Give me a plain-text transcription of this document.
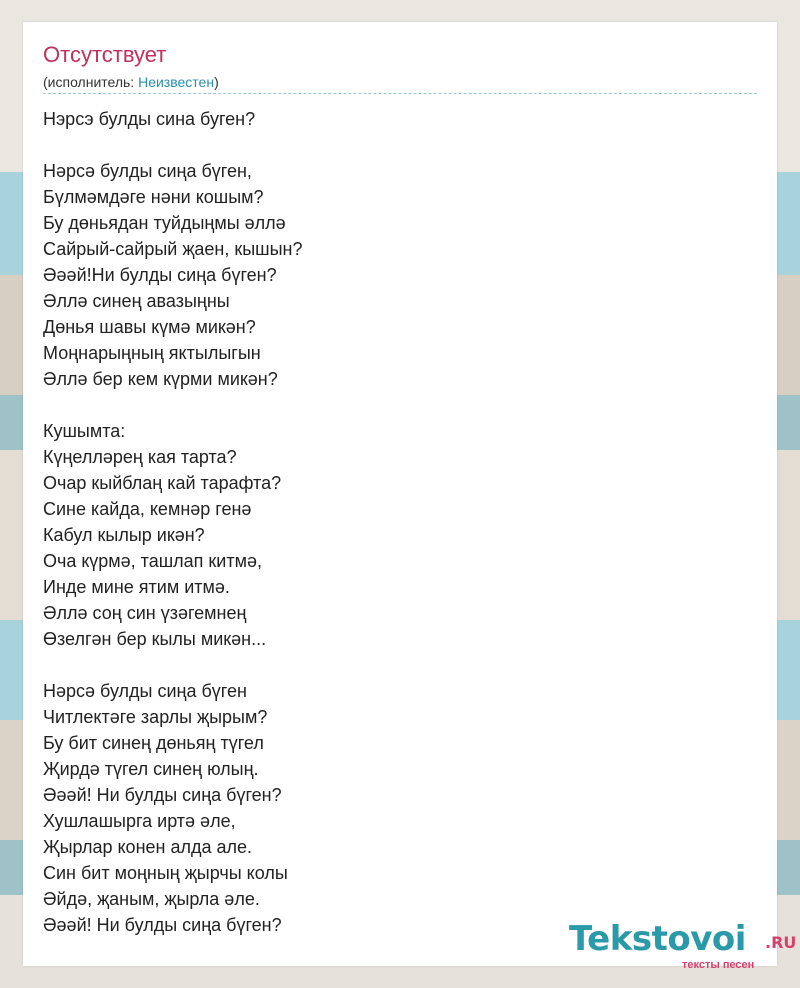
Отсутствует
(исполнитель: Неизвестен)
Нэрсэ булды сина буген?
Нәрсә булды сиңа бүген,
Бүлмәмдәге нәни кошым?
Бу дөньядан туйдыңмы әллә
Сайрый-сайрый җаен, кышын?
Әәәй!Ни булды сиңа бүген?
Әллә синең авазыңны
Дөнья шавы күмә микән?
Моңнарыңның яктылыгын
Әллә бер кем күрми микән?
Кушымта:
Күңелләрең кая тарта?
Очар кыйблаң кай тарафта?
Сине кайда, кемнәр генә
Кабул кылыр икән?
Оча күрмә, ташлап китмә,
Инде мине ятим итмә.
Әллә соң син үзәгемнең
Өзелгән бер кылы микән...
Нәрсә булды сиңа бүген
Читлектәге зарлы җырым?
Бу бит синең дөньяң түгел
Җирдә түгел синең юлың.
Әәәй! Ни булды сиңа бүген?
Хушлашырга иртә әле,
Җырлар конен алда але.
Син бит моңның җырчы колы
Әйдә, җаным, җырла әле.
Әәәй! Ни булды сиңа бүген?	Tekstovoi .RU
тексты песен
